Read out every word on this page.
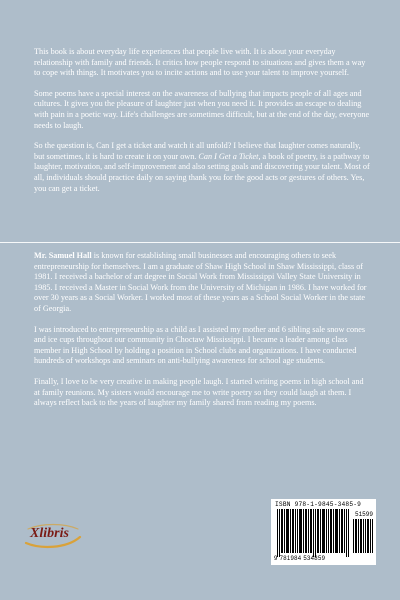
This book is about everyday life experiences that people live with. It is about your everyday relationship with family and friends. It critics how people respond to situations and gives them a way to cope with things. It motivates you to incite actions and to use your talent to improve yourself.

Some poems have a special interest on the awareness of bullying that impacts people of all ages and cultures. It gives you the pleasure of laughter just when you need it. It provides an escape to dealing with pain in a poetic way. Life's challenges are sometimes difficult, but at the end of the day, everyone needs to laugh.

So the question is, Can I get a ticket and watch it all unfold? I believe that laughter comes naturally, but sometimes, it is hard to create it on your own. Can I Get a Ticket, a book of poetry, is a pathway to laughter, motivation, and self-improvement and also setting goals and discovering your talent. Most of all, individuals should practice daily on saying thank you for the good acts or gestures of others. Yes, you can get a ticket.

Mr. Samuel Hall is known for establishing small businesses and encouraging others to seek entrepreneurship for themselves. I am a graduate of Shaw High School in Shaw Mississippi, class of 1981. I received a bachelor of art degree in Social Work from Mississippi Valley State University in 1985. I received a Master in Social Work from the University of Michigan in 1986. I have worked for over 30 years as a Social Worker. I worked most of these years as a School Social Worker in the state of Georgia.

I was introduced to entrepreneurship as a child as I assisted my mother and 6 sibling sale snow cones and ice cups throughout our community in Choctaw Mississippi. I became a leader among class member in High School by holding a position in School clubs and organizations. I have conducted hundreds of workshops and seminars on anti-bullying awareness for school age students.

Finally, I love to be very creative in making people laugh. I started writing poems in high school and at family reunions. My sisters would encourage me to write poetry so they could laugh at them. I always reflect back to the years of laughter my family shared from reading my poems.

Xlibris
ISBN 978-1-9845-3485-9
51599
9 781984 534859
